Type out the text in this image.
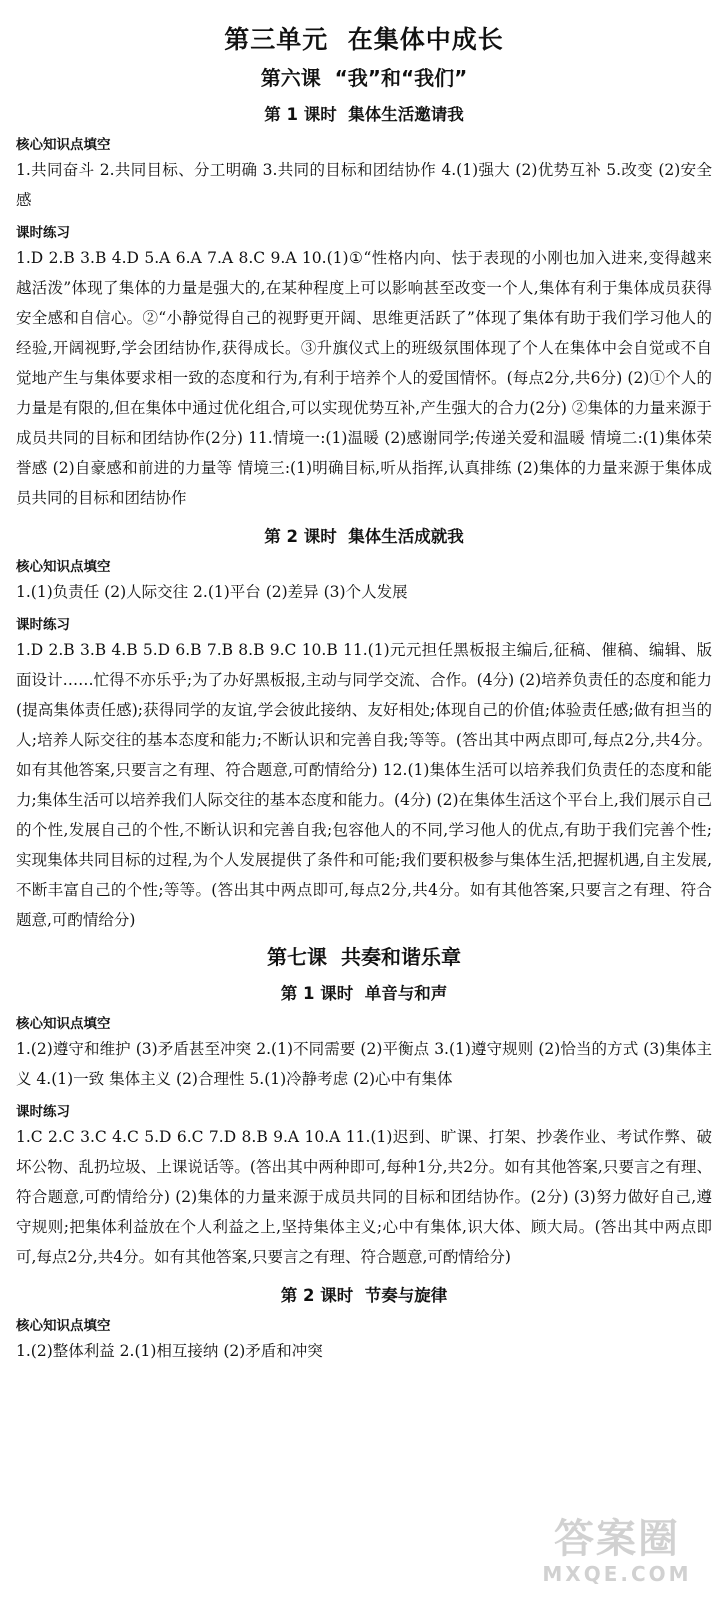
第三单元  在集体中成长
第六课  “我”和“我们”
第 1 课时  集体生活邀请我
核心知识点填空

1.共同奋斗 2.共同目标、分工明确 3.共同的目标和团结协作 4.(1)强大 (2)优势互补 5.改变 (2)安全感

课时练习

1.D 2.B 3.B 4.D 5.A 6.A 7.A 8.C 9.A 10.(1)①“性格内向、怯于表现的小刚也加入进来,变得越来越活泼”体现了集体的力量是强大的,在某种程度上可以影响甚至改变一个人,集体有利于集体成员获得安全感和自信心。②“小静觉得自己的视野更开阔、思维更活跃了”体现了集体有助于我们学习他人的经验,开阔视野,学会团结协作,获得成长。③升旗仪式上的班级氛围体现了个人在集体中会自觉或不自觉地产生与集体要求相一致的态度和行为,有利于培养个人的爱国情怀。(每点2分,共6分) (2)①个人的力量是有限的,但在集体中通过优化组合,可以实现优势互补,产生强大的合力(2分) ②集体的力量来源于成员共同的目标和团结协作(2分) 11.情境一:(1)温暖 (2)感谢同学;传递关爱和温暖 情境二:(1)集体荣誉感 (2)自豪感和前进的力量等 情境三:(1)明确目标,听从指挥,认真排练 (2)集体的力量来源于集体成员共同的目标和团结协作

第 2 课时  集体生活成就我
核心知识点填空

1.(1)负责任 (2)人际交往 2.(1)平台 (2)差异 (3)个人发展

课时练习

1.D 2.B 3.B 4.B 5.D 6.B 7.B 8.B 9.C 10.B 11.(1)元元担任黑板报主编后,征稿、催稿、编辑、版面设计……忙得不亦乐乎;为了办好黑板报,主动与同学交流、合作。(4分) (2)培养负责任的态度和能力(提高集体责任感);获得同学的友谊,学会彼此接纳、友好相处;体现自己的价值;体验责任感;做有担当的人;培养人际交往的基本态度和能力;不断认识和完善自我;等等。(答出其中两点即可,每点2分,共4分。如有其他答案,只要言之有理、符合题意,可酌情给分) 12.(1)集体生活可以培养我们负责任的态度和能力;集体生活可以培养我们人际交往的基本态度和能力。(4分) (2)在集体生活这个平台上,我们展示自己的个性,发展自己的个性,不断认识和完善自我;包容他人的不同,学习他人的优点,有助于我们完善个性;实现集体共同目标的过程,为个人发展提供了条件和可能;我们要积极参与集体生活,把握机遇,自主发展,不断丰富自己的个性;等等。(答出其中两点即可,每点2分,共4分。如有其他答案,只要言之有理、符合题意,可酌情给分)

第七课  共奏和谐乐章
第 1 课时  单音与和声
核心知识点填空

1.(2)遵守和维护 (3)矛盾甚至冲突 2.(1)不同需要 (2)平衡点 3.(1)遵守规则 (2)恰当的方式 (3)集体主义 4.(1)一致 集体主义 (2)合理性 5.(1)冷静考虑 (2)心中有集体

课时练习

1.C 2.C 3.C 4.C 5.D 6.C 7.D 8.B 9.A 10.A 11.(1)迟到、旷课、打架、抄袭作业、考试作弊、破坏公物、乱扔垃圾、上课说话等。(答出其中两种即可,每种1分,共2分。如有其他答案,只要言之有理、符合题意,可酌情给分) (2)集体的力量来源于成员共同的目标和团结协作。(2分) (3)努力做好自己,遵守规则;把集体利益放在个人利益之上,坚持集体主义;心中有集体,识大体、顾大局。(答出其中两点即可,每点2分,共4分。如有其他答案,只要言之有理、符合题意,可酌情给分)

第 2 课时  节奏与旋律
核心知识点填空

1.(2)整体利益 2.(1)相互接纳 (2)矛盾和冲突

答案圈
MXQE.COM
